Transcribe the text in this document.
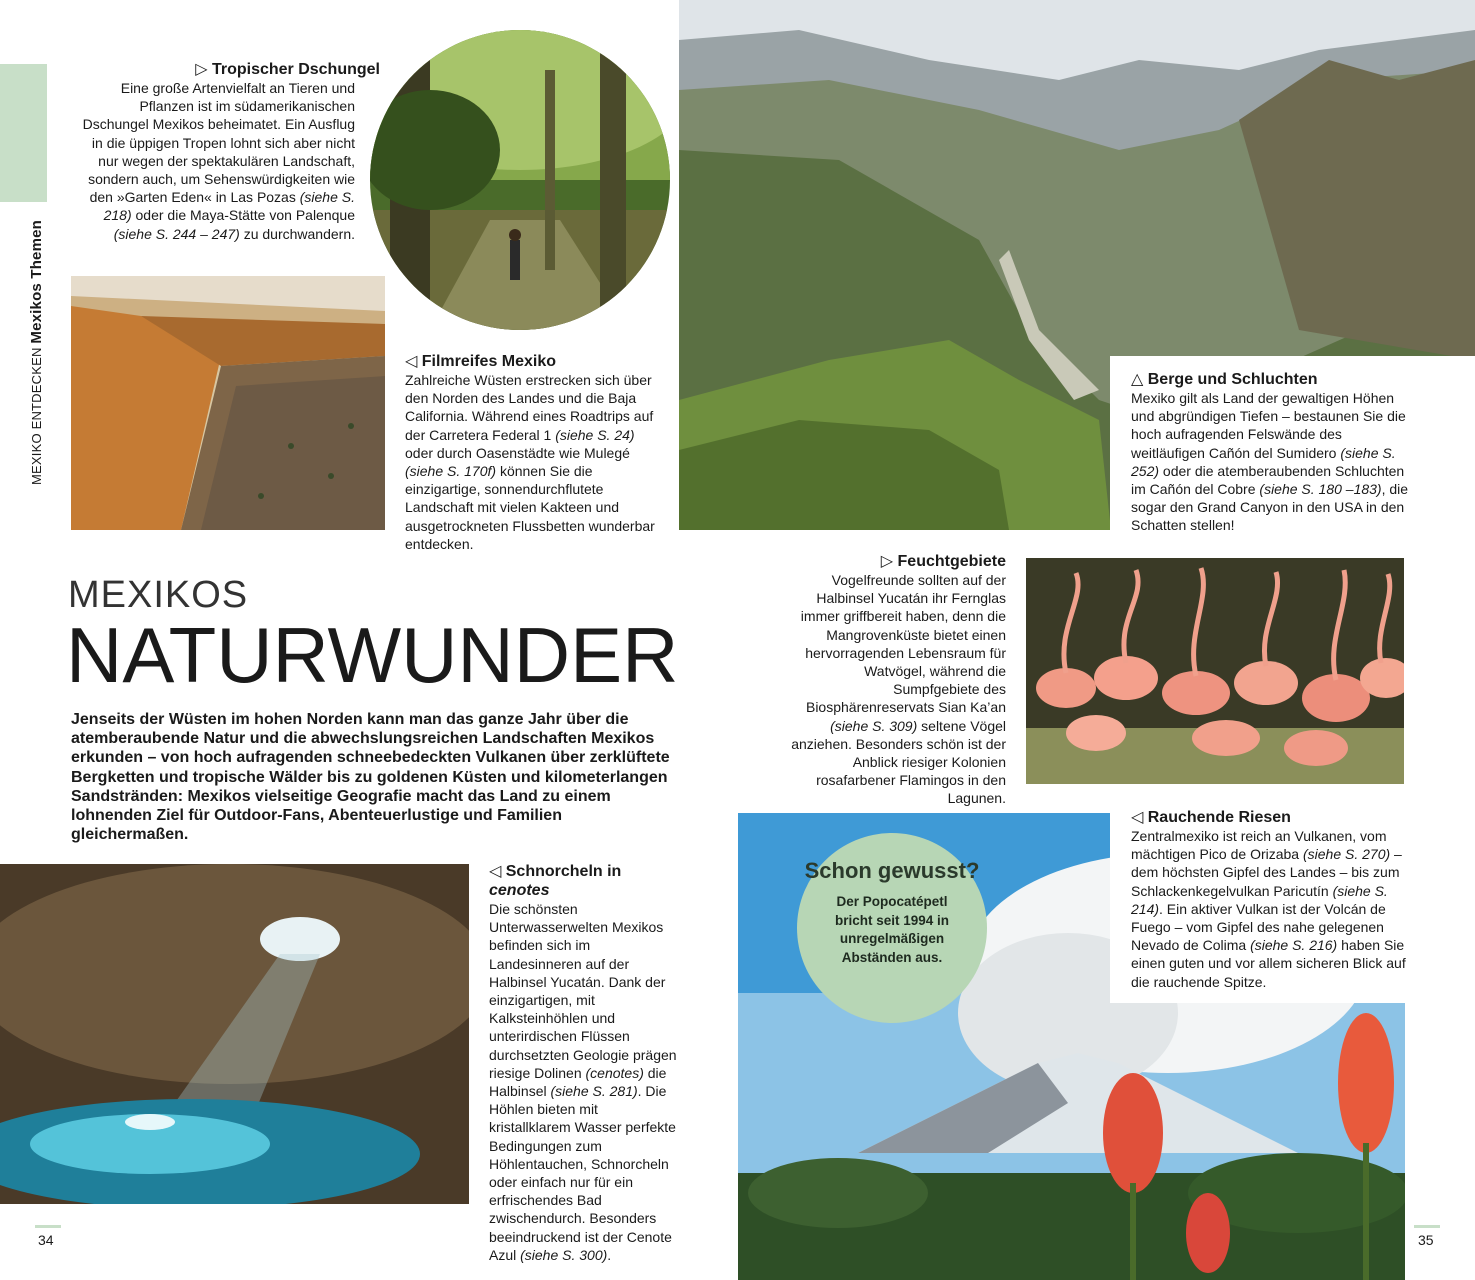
MEXIKO ENTDECKEN Mexikos Themen
▷ Tropischer Dschungel

Eine große Artenvielfalt an Tieren und Pflanzen ist im südamerikanischen Dschungel Mexikos beheimatet. Ein Ausflug in die üppigen Tropen lohnt sich aber nicht nur wegen der spektakulären Landschaft, sondern auch, um Sehenswürdigkeiten wie den »Garten Eden« in Las Pozas (siehe S. 218) oder die Maya-Stätte von Palenque (siehe S. 244 – 247) zu durchwandern.

◁ Filmreifes Mexiko

Zahlreiche Wüsten erstrecken sich über den Norden des Landes und die Baja California. Während eines Roadtrips auf der Carretera Federal 1 (siehe S. 24) oder durch Oasenstädte wie Mulegé (siehe S. 170f) können Sie die einzigartige, sonnendurchflutete Landschaft mit vielen Kakteen und ausgetrockneten Flussbetten wunderbar entdecken.

△ Berge und Schluchten

Mexiko gilt als Land der gewaltigen Höhen und abgründigen Tiefen – bestaunen Sie die hoch aufragenden Felswände des weitläufigen Cañón del Sumidero (siehe S. 252) oder die atemberaubenden Schluchten im Cañón del Cobre (siehe S. 180 –183), die sogar den Grand Canyon in den USA in den Schatten stellen!

MEXIKOS
NATURWUNDER
Jenseits der Wüsten im hohen Norden kann man das ganze Jahr über die atemberaubende Natur und die abwechslungsreichen Landschaften Mexikos erkunden – von hoch aufragenden schneebedeckten Vulkanen über zerklüftete Bergketten und tropische Wälder bis zu goldenen Küsten und kilometerlangen Sandstränden: Mexikos vielseitige Geografie macht das Land zu einem lohnenden Ziel für Outdoor-Fans, Abenteuerlustige und Familien gleichermaßen.
▷ Feuchtgebiete

Vogelfreunde sollten auf der Halbinsel Yucatán ihr Fernglas immer griffbereit haben, denn die Mangrovenküste bietet einen hervorragenden Lebensraum für Watvögel, während die Sumpfgebiete des Biosphärenreservats Sian Ka’an (siehe S. 309) seltene Vögel anziehen. Besonders schön ist der Anblick riesiger Kolonien rosafarbener Flamingos in den Lagunen.

◁ Schnorcheln in
cenotes

Die schönsten Unterwasserwelten Mexikos befinden sich im Landesinneren auf der Halbinsel Yucatán. Dank der einzigartigen, mit Kalksteinhöhlen und unterirdischen Flüssen durchsetzten Geologie prägen riesige Dolinen (cenotes) die Halbinsel (siehe S. 281). Die Höhlen bieten mit kristallklarem Wasser perfekte Bedingungen zum Höhlentauchen, Schnorcheln oder einfach nur für ein erfrischendes Bad zwischendurch. Besonders beeindruckend ist der Cenote Azul (siehe S. 300).

Schon gewusst?
Der Popocatépetl bricht seit 1994 in unregelmäßigen Abständen aus.
◁ Rauchende Riesen

Zentralmexiko ist reich an Vulkanen, vom mächtigen Pico de Orizaba (siehe S. 270) – dem höchsten Gipfel des Landes – bis zum Schlackenkegelvulkan Paricutín (siehe S. 214). Ein aktiver Vulkan ist der Volcán de Fuego – vom Gipfel des nahe gelegenen Nevado de Colima (siehe S. 216) haben Sie einen guten und vor allem sicheren Blick auf die rauchende Spitze.

34	35
